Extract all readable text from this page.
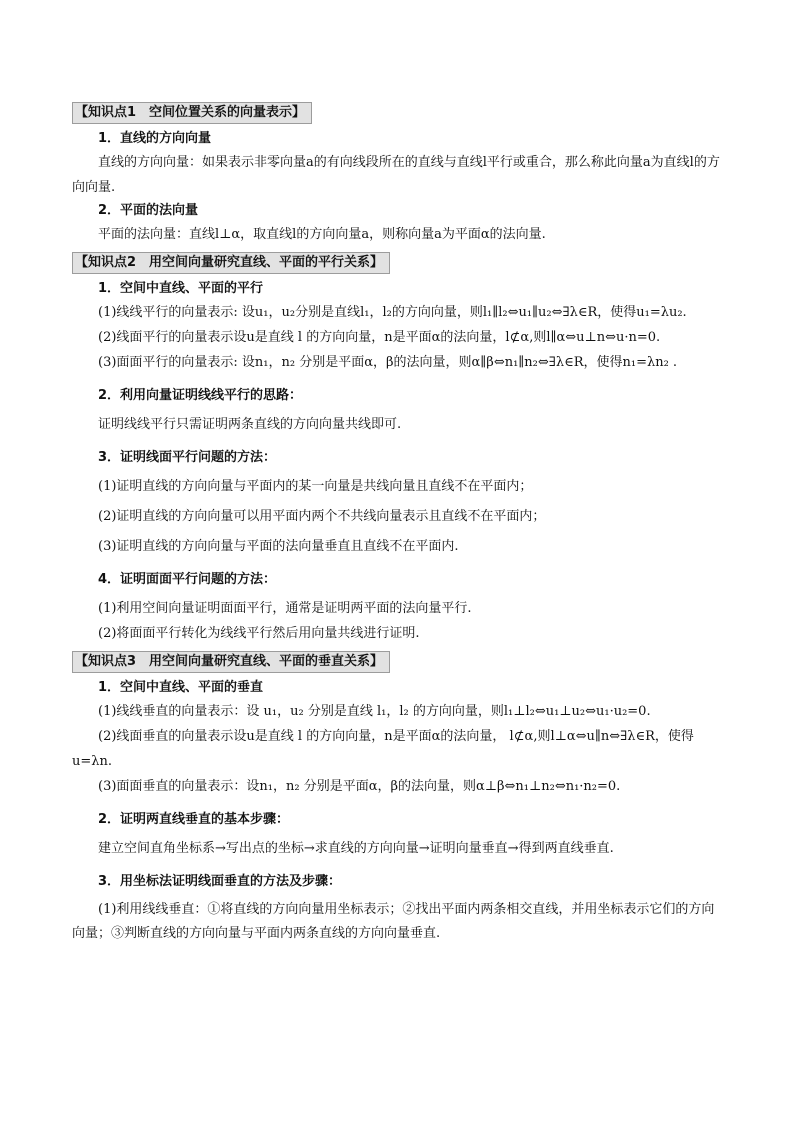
【知识点1　空间位置关系的向量表示】

1．直线的方向向量

直线的方向向量：如果表示非零向量a的有向线段所在的直线与直线l平行或重合，那么称此向量a为直线l的方向向量.

2．平面的法向量

平面的法向量：直线l⊥α，取直线l的方向向量a，则称向量a为平面α的法向量.

【知识点2　用空间向量研究直线、平面的平行关系】

1．空间中直线、平面的平行

(1)线线平行的向量表示: 设u₁，u₂分别是直线l₁，l₂的方向向量，则l₁∥l₂⇔u₁∥u₂⇔∃λ∈R，使得u₁=λu₂.

(2)线面平行的向量表示设u是直线 l 的方向向量，n是平面α的法向量，l⊄α,则l∥α⇔u⊥n⇔u·n=0.

(3)面面平行的向量表示: 设n₁，n₂ 分别是平面α，β的法向量，则α∥β⇔n₁∥n₂⇔∃λ∈R，使得n₁=λn₂ .

2．利用向量证明线线平行的思路：

证明线线平行只需证明两条直线的方向向量共线即可.

3．证明线面平行问题的方法：

(1)证明直线的方向向量与平面内的某一向量是共线向量且直线不在平面内；

(2)证明直线的方向向量可以用平面内两个不共线向量表示且直线不在平面内；

(3)证明直线的方向向量与平面的法向量垂直且直线不在平面内.

4．证明面面平行问题的方法：

(1)利用空间向量证明面面平行，通常是证明两平面的法向量平行.

(2)将面面平行转化为线线平行然后用向量共线进行证明.

【知识点3　用空间向量研究直线、平面的垂直关系】

1．空间中直线、平面的垂直

(1)线线垂直的向量表示：设 u₁，u₂ 分别是直线 l₁，l₂ 的方向向量，则l₁⊥l₂⇔u₁⊥u₂⇔u₁·u₂=0.

(2)线面垂直的向量表示设u是直线 l 的方向向量，n是平面α的法向量， l⊄α,则l⊥α⇔u∥n⇔∃λ∈R，使得u=λn.

(3)面面垂直的向量表示：设n₁，n₂ 分别是平面α，β的法向量，则α⊥β⇔n₁⊥n₂⇔n₁·n₂=0.

2．证明两直线垂直的基本步骤：

建立空间直角坐标系→写出点的坐标→求直线的方向向量→证明向量垂直→得到两直线垂直.

3．用坐标法证明线面垂直的方法及步骤：

(1)利用线线垂直：①将直线的方向向量用坐标表示；②找出平面内两条相交直线，并用坐标表示它们的方向向量；③判断直线的方向向量与平面内两条直线的方向向量垂直.
